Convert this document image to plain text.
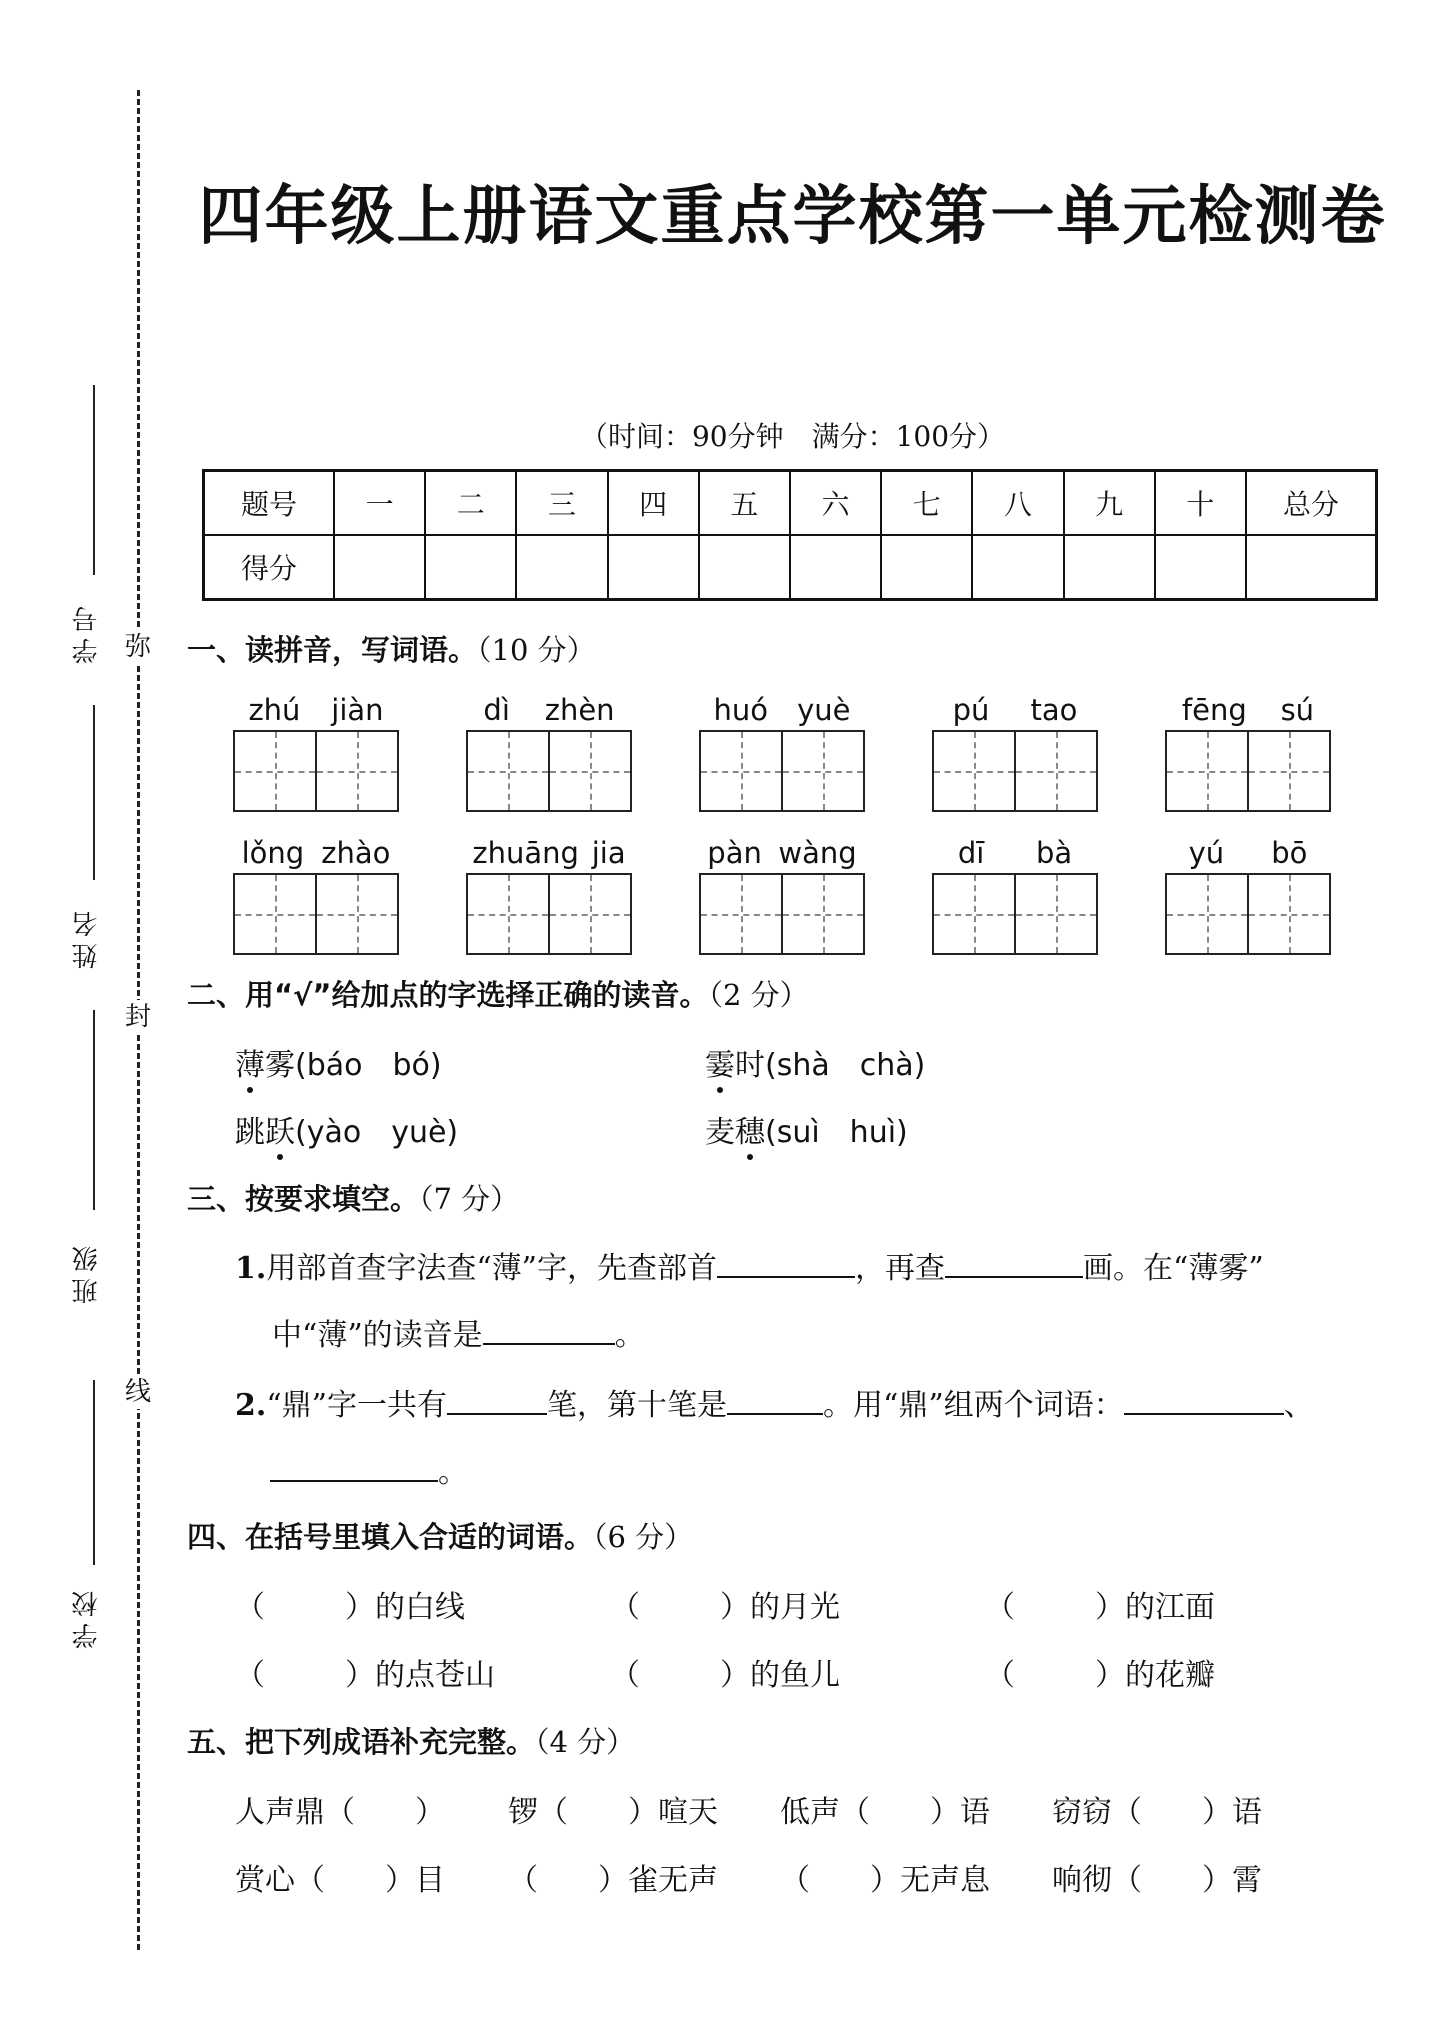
弥
封
线
学号
姓名
班级
学校
四年级上册语文重点学校第一单元检测卷
（时间：90分钟　满分：100分）
题号	一	二	三	四	五	六	七	八	九	十	总分
得分											
一、读拼音，写词语。（10 分）
zhú jiàn	dì zhèn	huó yuè	pú tao	fēng sú
lǒng zhào	zhuāng jia	pàn wàng	dī bà	yú bō
二、用“√”给加点的字选择正确的读音。（2 分）
薄雾(báo　bó)	霎时(shà　chà)
跳跃(yào　yuè)	麦穗(suì　huì)
三、按要求填空。（7 分）
1.用部首查字法查“薄”字，先查部首	，再查	画。在“薄雾”
中“薄”的读音是	。
2.“鼎”字一共有	笔，第十笔是	。用“鼎”组两个词语：	、
。
四、在括号里填入合适的词语。（6 分）
（	）的白线	（	）的月光	（	）的江面
（	）的点苍山	（	）的鱼儿	（	）的花瓣
五、把下列成语补充完整。（4 分）
人声鼎（　　） 锣（　　）喧天 低声（　　）语 窃窃（　　）语
赏心（　　）目 （　　）雀无声 （　　）无声息 响彻（　　）霄
